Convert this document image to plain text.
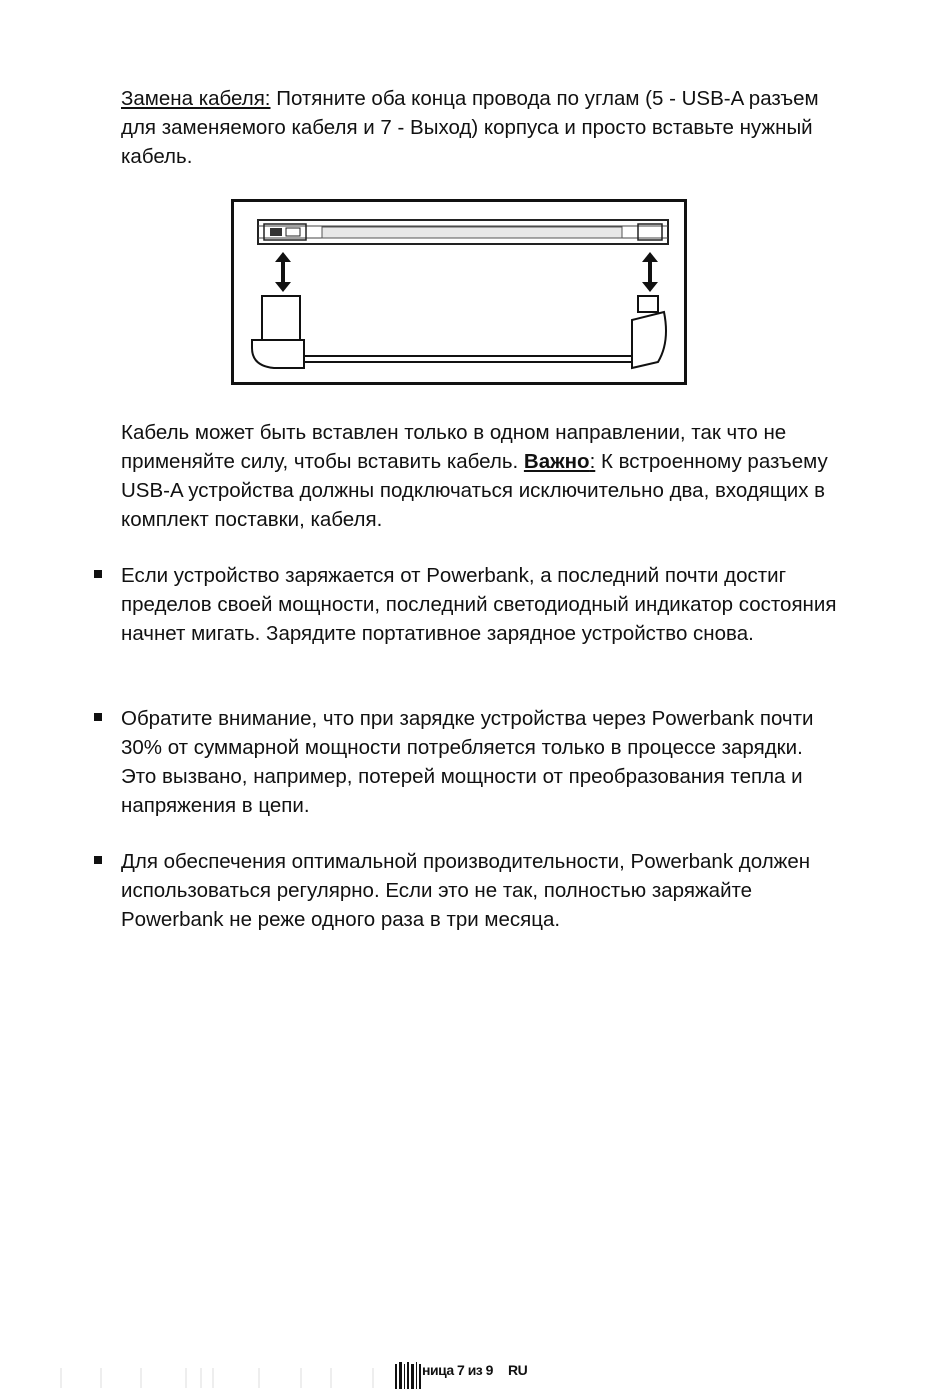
Замена кабеля: Потяните оба конца провода по углам (5 - USB-A разъем для заменяемого кабеля и 7 - Выход) корпуса и просто вставьте нужный кабель.

Кабель может быть вставлен только в одном направлении, так что не применяйте силу, чтобы вставить кабель. Важно: К встроенному разъему USB-A устройства должны подключаться исключительно два, входящих в комплект поставки, кабеля.

Если устройство заряжается от Powerbank, а последний почти достиг пределов своей мощности, последний светодиодный индикатор состояния начнет мигать. Зарядите портативное зарядное устройство снова.

Обратите внимание, что при зарядке устройства через Powerbank почти 30% от суммарной мощности потребляется только в процессе зарядки. Это вызвано, например, потерей мощности от преобразования тепла и напряжения в цепи.

Для обеспечения оптимальной производительности, Powerbank должен использоваться регулярно. Если это не так, полностью заряжайте Powerbank не реже одного раза в три месяца.

ница 7 из 9 RU
